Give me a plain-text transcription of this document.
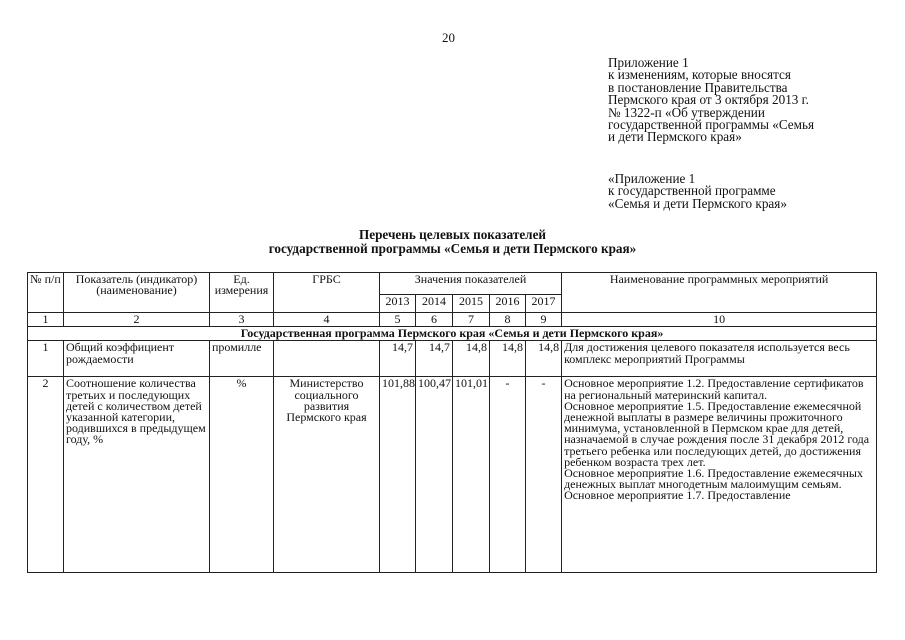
20
Приложение 1
к изменениям, которые вносятся
в постановление Правительства
Пермского края от 3 октября 2013 г.
№ 1322-п «Об утверждении
государственной программы «Семья
и дети Пермского края»
«Приложение 1
к государственной программе
«Семья и дети Пермского края»
Перечень целевых показателей
государственной программы «Семья и дети Пермского края»
№ п/п	Показатель (индикатор) (наименование)	Ед. измерения	ГРБС	Значения показателей					Наименование программных мероприятий
				2013	2014	2015	2016	2017	
1	2	3	4	5	6	7	8	9	10
Государственная программа Пермского края «Семья и дети Пермского края»									
1	Общий коэффициент рождаемости	промилле		14,7	14,7	14,8	14,8	14,8	Для достижения целевого показателя используется весь комплекс мероприятий Программы

2	Соотношение количества третьих и последующих детей с количеством детей указанной категории, родившихся в предыдущем году, %	%	Министерство социального развития Пермского края	101,88	100,47	101,01	-	-	Основное мероприятие 1.2. Предоставление сертификатов на региональный материнский капитал.
Основное мероприятие 1.5. Предоставление ежемесячной денежной выплаты в размере величины прожиточного минимума, установленной в Пермском крае для детей, назначаемой в случае рождения после 31 декабря 2012 года третьего ребенка или последующих детей, до достижения ребенком возраста трех лет.
Основное мероприятие 1.6. Предоставление ежемесячных денежных выплат многодетным малоимущим семьям.
Основное мероприятие 1.7. Предоставление
